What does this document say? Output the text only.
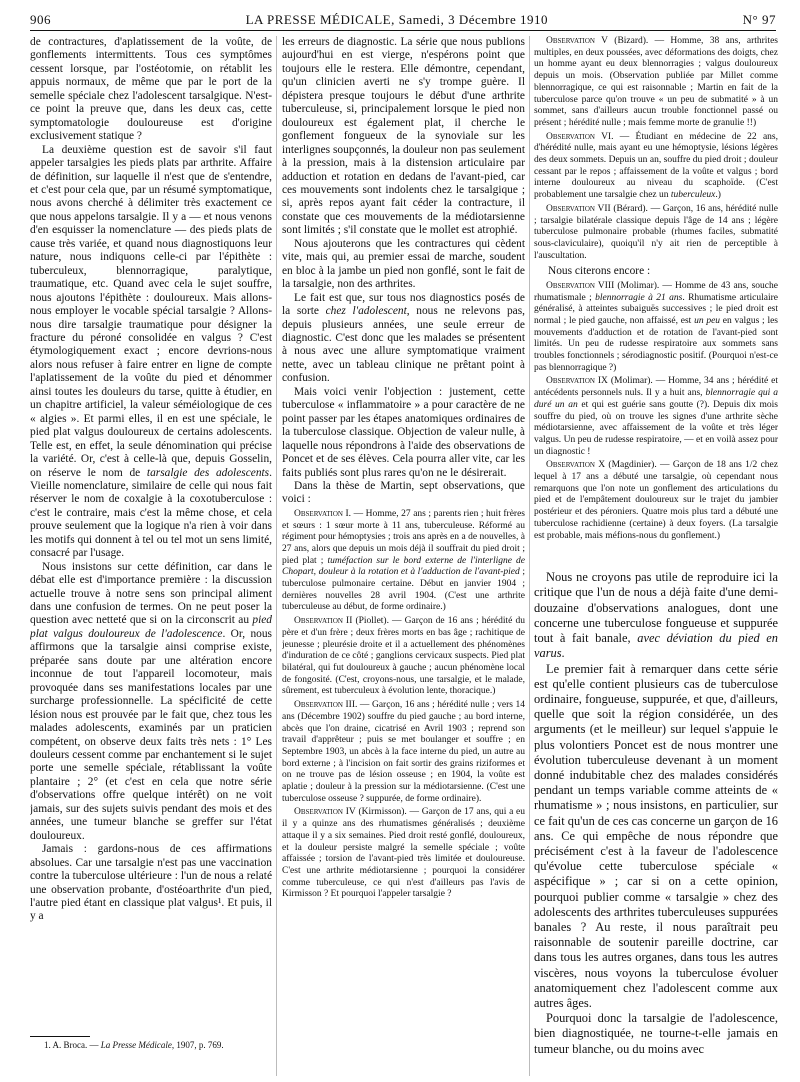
906	LA PRESSE MÉDICALE, Samedi, 3 Décembre 1910	N° 97

de contractures, d'aplatissement de la voûte, de gonflements intermittents. Tous ces symptômes cessent lorsque, par l'ostéotomie, on rétablit les appuis normaux, de même que par le port de la semelle spéciale chez l'adolescent tarsalgique. N'est-ce point la preuve que, dans les deux cas, cette symptomatologie douloureuse est d'origine exclusivement statique ?

La deuxième question est de savoir s'il faut appeler tarsalgies les pieds plats par arthrite. Affaire de définition, sur laquelle il n'est que de s'entendre, et c'est pour cela que, par un résumé symptomatique, nous avons cherché à délimiter très exactement ce que nous appelons tarsalgie. Il y a — et nous venons d'en esquisser la nomenclature — des pieds plats de cause très variée, et quand nous diagnostiquons leur nature, nous indiquons celle-ci par l'épithète : tuberculeux, blennorragique, paralytique, traumatique, etc. Quand avec cela le sujet souffre, nous ajoutons l'épithète : douloureux. Mais allons-nous employer le vocable spécial tarsalgie ? Allons-nous dire tarsalgie traumatique pour désigner la fracture du péroné consolidée en valgus ? C'est étymologiquement exact ; encore devrions-nous alors nous refuser à faire entrer en ligne de compte l'aplatissement de la voûte du pied et dénommer ainsi toutes les douleurs du tarse, quitte à étudier, en un chapitre artificiel, la valeur séméiologique de ces « algies ». Et parmi elles, il en est une spéciale, le pied plat valgus douloureux de certains adolescents. Telle est, en effet, la seule dénomination qui précise la variété. Or, c'est à celle-là que, depuis Gosselin, on réserve le nom de tarsalgie des adolescents. Vieille nomenclature, similaire de celle qui nous fait réserver le nom de coxalgie à la coxotuberculose : c'est le contraire, mais c'est la même chose, et cela prouve seulement que la logique n'a rien à voir dans les motifs qui donnent à tel ou tel mot un sens limité, consacré par l'usage.

Nous insistons sur cette définition, car dans le débat elle est d'importance première : la discussion actuelle trouve à notre sens son principal aliment dans une confusion de termes. On ne peut poser la question avec netteté que si on la circonscrit au pied plat valgus douloureux de l'adolescence. Or, nous affirmons que la tarsalgie ainsi comprise existe, préparée sans doute par une altération encore inconnue de tout l'appareil locomoteur, mais provoquée dans ses manifestations locales par une surcharge professionnelle. La spécificité de cette lésion nous est prouvée par le fait que, chez tous les malades adolescents, examinés par un praticien compétent, on observe deux faits très nets : 1° Les douleurs cessent comme par enchantement si le sujet porte une semelle spéciale, rétablissant la voûte plantaire ; 2° (et c'est en cela que notre série d'observations offre quelque intérêt) on ne voit jamais, sur des sujets suivis pendant des mois et des années, une tumeur blanche se greffer sur l'état douloureux.

Jamais : gardons-nous de ces affirmations absolues. Car une tarsalgie n'est pas une vaccination contre la tuberculose ultérieure : l'un de nous a relaté une observation probante, d'ostéoarthrite d'un pied, l'autre pied étant en classique plat valgus¹. Et puis, il y a

les erreurs de diagnostic. La série que nous publions aujourd'hui en est vierge, n'espérons point que toujours elle le restera. Elle démontre, cependant, qu'un clinicien averti ne s'y trompe guère. Il dépistera presque toujours le début d'une arthrite tuberculeuse, si, principalement lorsque le pied non douloureux est également plat, il cherche le gonflement fongueux de la synoviale sur les interlignes soupçonnés, la douleur non pas seulement à la pression, mais à la distension articulaire par adduction et rotation en dedans de l'avant-pied, car ces mouvements sont indolents chez le tarsalgique ; si, après repos ayant fait céder la contracture, il constate que ces mouvements de la médiotarsienne sont limités ; s'il constate que le mollet est atrophié.

Nous ajouterons que les contractures qui cèdent vite, mais qui, au premier essai de marche, soudent en bloc à la jambe un pied non gonflé, sont le fait de la tarsalgie, non des arthrites.

Le fait est que, sur tous nos diagnostics posés de la sorte chez l'adolescent, nous ne relevons pas, depuis plusieurs années, une seule erreur de diagnostic. C'est donc que les malades se présentent à nous avec une allure symptomatique vraiment nette, avec un tableau clinique ne prêtant point à confusion.

Mais voici venir l'objection : justement, cette tuberculose « inflammatoire » a pour caractère de ne point passer par les étapes anatomiques ordinaires de la tuberculose classique. Objection de valeur nulle, à laquelle nous répondrons à l'aide des observations de Poncet et de ses élèves. Cela pourra aller vite, car les faits publiés sont plus rares qu'on ne le désirerait.

Dans la thèse de Martin, sept observations, que voici :

Observation I. — Homme, 27 ans ; parents rien ; huit frères et sœurs : 1 sœur morte à 11 ans, tuberculeuse. Réformé au régiment pour hémoptysies ; trois ans après en a de nouvelles, à 27 ans, alors que depuis un mois déjà il souffrait du pied droit ; pied plat ; tuméfaction sur le bord externe de l'interligne de Chopart, douleur à la rotation et à l'adduction de l'avant-pied ; tuberculose pulmonaire certaine. Début en janvier 1904 ; dernières nouvelles 28 avril 1904. (C'est une arthrite tuberculeuse au début, de forme ordinaire.)

Observation II (Piollet). — Garçon de 16 ans ; hérédité du père et d'un frère ; deux frères morts en bas âge ; rachitique de jeunesse ; pleurésie droite et il a actuellement des phénomènes d'induration de ce côté ; ganglions cervicaux suspects. Pied plat bilatéral, qui fut douloureux à gauche ; aucun phénomène local de fongosité. (C'est, croyons-nous, une tarsalgie, et le malade, sûrement, est tuberculeux à évolution lente, thoracique.)

Observation III. — Garçon, 16 ans ; hérédité nulle ; vers 14 ans (Décembre 1902) souffre du pied gauche ; au bord interne, abcès que l'on draine, cicatrisé en Avril 1903 ; reprend son travail d'apprêteur ; puis se met boulanger et souffre ; en Septembre 1903, un abcès à la face interne du pied, un autre au bord externe ; à l'incision on fait sortir des grains riziformes et on ne trouve pas de lésion osseuse ; en 1904, la voûte est aplatie ; douleur à la pression sur la médiotarsienne. (C'est une tuberculose osseuse ? suppurée, de forme ordinaire).

Observation IV (Kirmisson). — Garçon de 17 ans, qui a eu il y a quinze ans des rhumatismes généralisés ; deuxième attaque il y a six semaines. Pied droit resté gonflé, douloureux, et la douleur persiste malgré la semelle spéciale ; voûte affaissée ; torsion de l'avant-pied très limitée et douloureuse. C'est une arthrite médiotarsienne ; pourquoi la considérer comme tuberculeuse, ce qui n'est d'ailleurs pas l'avis de Kirmisson ? Et pourquoi l'appeler tarsalgie ?

Observation V (Bizard). — Homme, 38 ans, arthrites multiples, en deux poussées, avec déformations des doigts, chez un homme ayant eu deux blennorragies ; valgus douloureux depuis un mois. (Observation publiée par Millet comme blennorragique, ce qui est raisonnable ; Martin en fait de la tuberculose parce qu'on trouve « un peu de submatité » à un sommet, sans d'ailleurs aucun trouble fonctionnel passé ou présent ; hérédité nulle ; mais femme morte de granulie !!)

Observation VI. — Étudiant en médecine de 22 ans, d'hérédité nulle, mais ayant eu une hémoptysie, lésions légères des deux sommets. Depuis un an, souffre du pied droit ; douleur cessant par le repos ; affaissement de la voûte et valgus ; bord interne douloureux au niveau du scaphoïde. (C'est probablement une tarsalgie chez un tuberculeux.)

Observation VII (Bérard). — Garçon, 16 ans, hérédité nulle ; tarsalgie bilatérale classique depuis l'âge de 14 ans ; légère tuberculose pulmonaire probable (rhumes faciles, submatité sous-claviculaire), quoiqu'il n'y ait rien de perceptible à l'auscultation.

Nous citerons encore :

Observation VIII (Molimar). — Homme de 43 ans, souche rhumatismale ; blennorragie à 21 ans. Rhumatisme articulaire généralisé, à atteintes subaiguës successives ; le pied droit est normal ; le pied gauche, non affaissé, est un peu en valgus ; les mouvements d'adduction et de rotation de l'avant-pied sont limités. Un peu de rudesse respiratoire aux sommets sans troubles fonctionnels ; sérodiagnostic positif. (Pourquoi n'est-ce pas blennorragique ?)

Observation IX (Molimar). — Homme, 34 ans ; hérédité et antécédents personnels nuls. Il y a huit ans, blennorragie qui a duré un an et qui est guérie sans goutte (?). Depuis dix mois souffre du pied, où on trouve les signes d'une arthrite sèche médiotarsienne, avec affaissement de la voûte et très léger valgus. Un peu de rudesse respiratoire, — et en voilà assez pour un diagnostic !

Observation X (Magdinier). — Garçon de 18 ans 1/2 chez lequel à 17 ans a débuté une tarsalgie, où cependant nous remarquons que l'on note un gonflement des articulations du pied et de l'empâtement douloureux sur le trajet du jambier postérieur et des péroniers. Quatre mois plus tard a débuté une tuberculose rachidienne (certaine) à deux foyers. (La tarsalgie est probable, mais méfions-nous du gonflement.)

Nous ne croyons pas utile de reproduire ici la critique que l'un de nous a déjà faite d'une demi-douzaine d'observations analogues, dont une concerne une tuberculose fongueuse et suppurée tout à fait banale, avec déviation du pied en varus.

Le premier fait à remarquer dans cette série est qu'elle contient plusieurs cas de tuberculose ordinaire, fongueuse, suppurée, et que, d'ailleurs, quelle que soit la région considérée, un des arguments (et le meilleur) sur lequel s'appuie le plus volontiers Poncet est de nous montrer une évolution tuberculeuse devenant à un moment donné indubitable chez des malades considérés pendant un temps variable comme atteints de « rhumatisme » ; nous insistons, en particulier, sur ce fait qu'un de ces cas concerne un garçon de 16 ans. Ce qui empêche de nous répondre que précisément c'est à la faveur de l'adolescence qu'évolue cette tuberculose spéciale « aspécifique » ; car si on a cette opinion, pourquoi publier comme « tarsalgie » chez des adolescents des arthrites tuberculeuses suppurées banales ? Au reste, il nous paraîtrait peu raisonnable de soutenir pareille doctrine, car dans tous les autres organes, dans tous les autres viscères, nous voyons la tuberculose évoluer anatomiquement chez l'adolescent comme aux autres âges.

Pourquoi donc la tarsalgie de l'adolescence, bien diagnostiquée, ne tourne-t-elle jamais en tumeur blanche, ou du moins avec

1. A. Broca. — La Presse Médicale, 1907, p. 769.
